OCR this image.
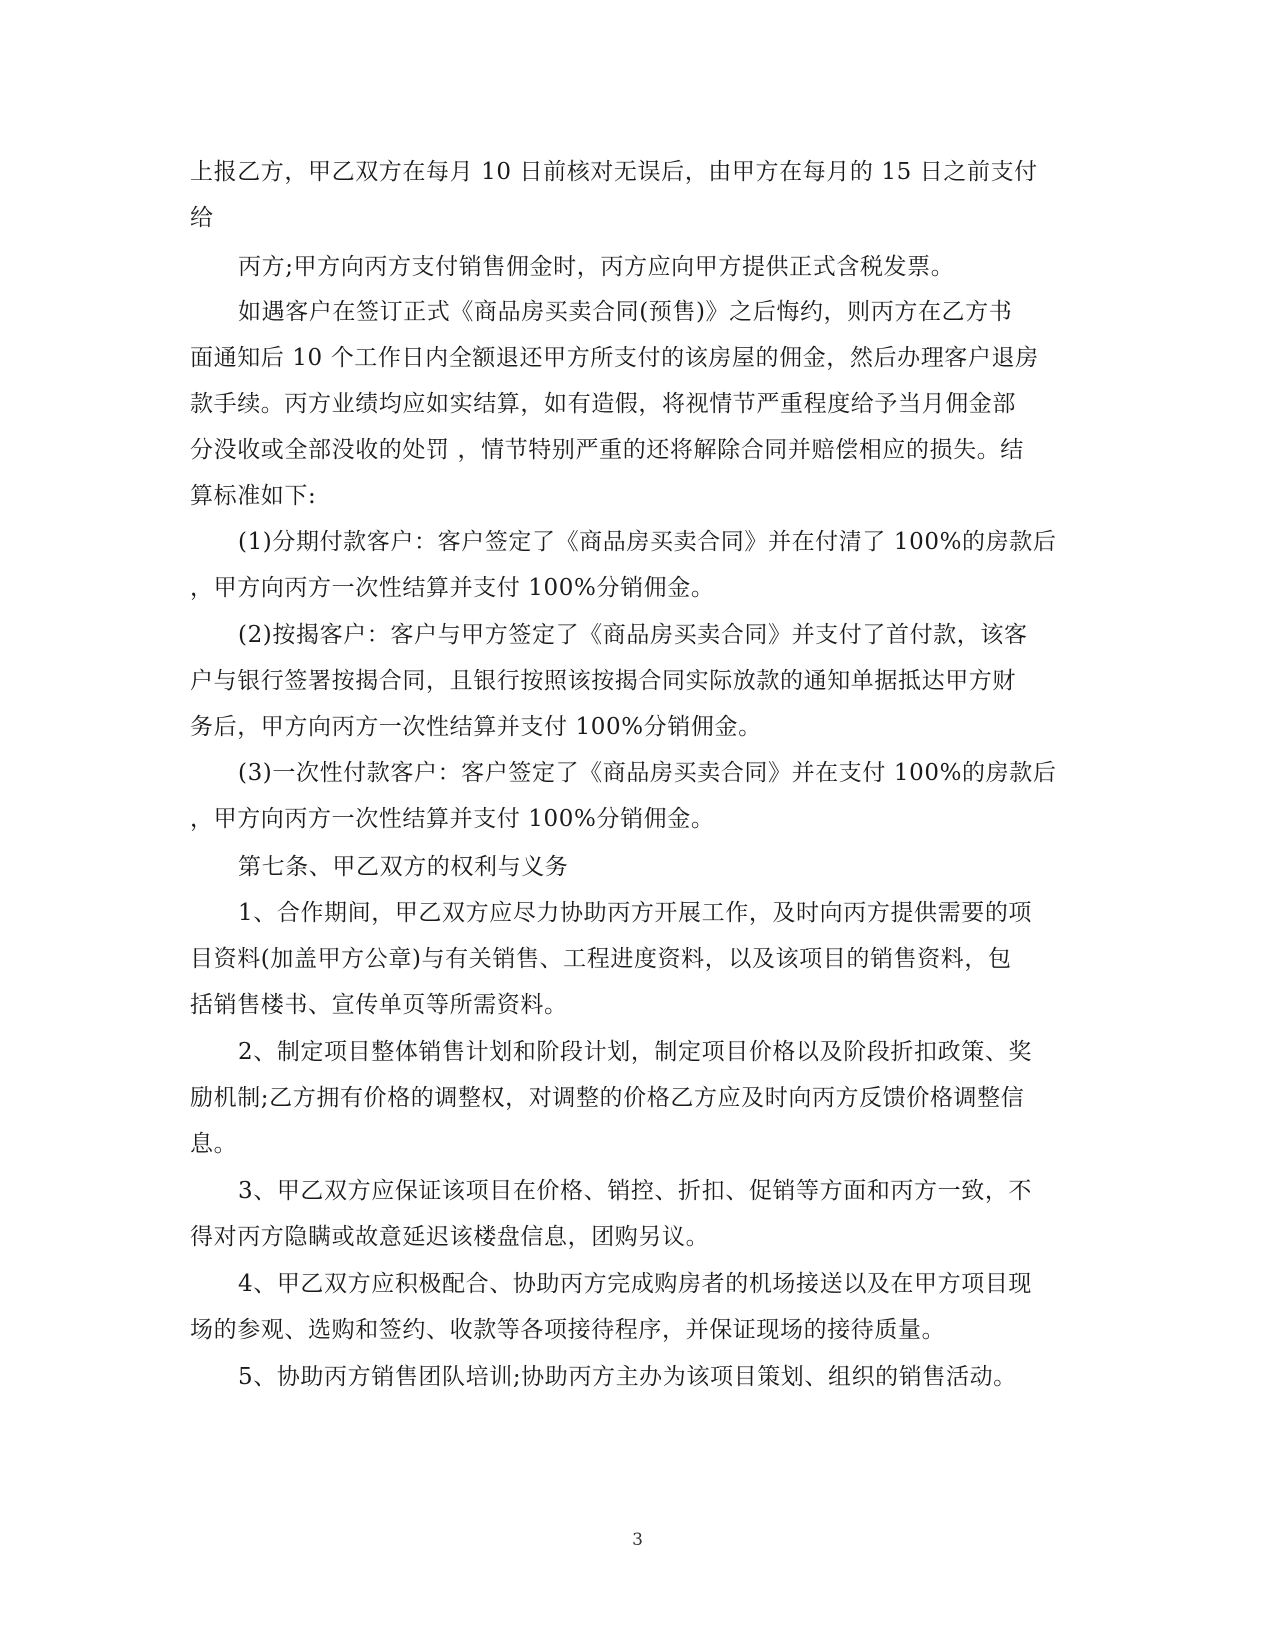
上报乙方，甲乙双方在每月 10 日前核对无误后，由甲方在每月的 15 日之前支付
给
丙方;甲方向丙方支付销售佣金时，丙方应向甲方提供正式含税发票。
如遇客户在签订正式《商品房买卖合同(预售)》之后悔约，则丙方在乙方书
面通知后 10 个工作日内全额退还甲方所支付的该房屋的佣金，然后办理客户退房
款手续。丙方业绩均应如实结算，如有造假，将视情节严重程度给予当月佣金部
分没收或全部没收的处罚 ，情节特别严重的还将解除合同并赔偿相应的损失。结
算标准如下:
(1)分期付款客户：客户签定了《商品房买卖合同》并在付清了 100%的房款后
，甲方向丙方一次性结算并支付 100%分销佣金。
(2)按揭客户：客户与甲方签定了《商品房买卖合同》并支付了首付款，该客
户与银行签署按揭合同，且银行按照该按揭合同实际放款的通知单据抵达甲方财
务后，甲方向丙方一次性结算并支付 100%分销佣金。
(3)一次性付款客户：客户签定了《商品房买卖合同》并在支付 100%的房款后
，甲方向丙方一次性结算并支付 100%分销佣金。
第七条、甲乙双方的权利与义务
1、合作期间，甲乙双方应尽力协助丙方开展工作，及时向丙方提供需要的项
目资料(加盖甲方公章)与有关销售、工程进度资料，以及该项目的销售资料，包
括销售楼书、宣传单页等所需资料。
2、制定项目整体销售计划和阶段计划，制定项目价格以及阶段折扣政策、奖
励机制;乙方拥有价格的调整权，对调整的价格乙方应及时向丙方反馈价格调整信
息。
3、甲乙双方应保证该项目在价格、销控、折扣、促销等方面和丙方一致，不
得对丙方隐瞒或故意延迟该楼盘信息，团购另议。
4、甲乙双方应积极配合、协助丙方完成购房者的机场接送以及在甲方项目现
场的参观、选购和签约、收款等各项接待程序，并保证现场的接待质量。
5、协助丙方销售团队培训;协助丙方主办为该项目策划、组织的销售活动。
3
